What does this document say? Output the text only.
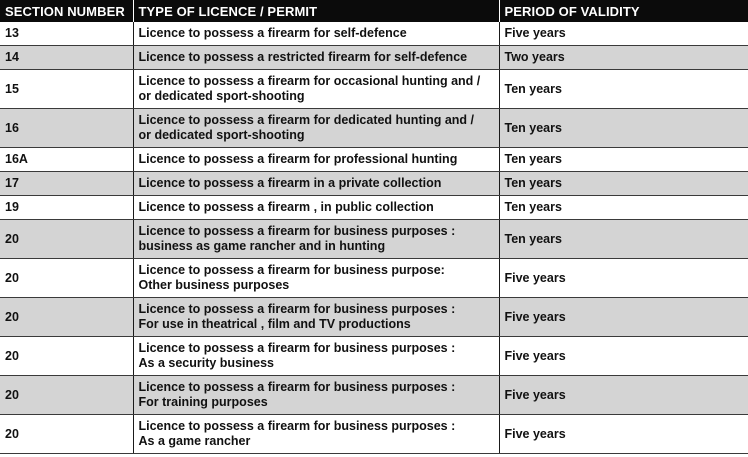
SECTION NUMBER	TYPE OF LICENCE / PERMIT	PERIOD OF VALIDITY
13	Licence to possess a firearm for self-defence	Five years
14	Licence to possess a restricted firearm for self-defence	Two years
15	Licence to possess a firearm for occasional hunting and /
or dedicated sport-shooting	Ten years
16	Licence to possess a firearm for dedicated hunting and /
or dedicated sport-shooting	Ten years
16A	Licence to possess a firearm for professional hunting	Ten years
17	Licence to possess a firearm in a private collection	Ten years
19	Licence to possess a firearm , in public collection	Ten years
20	Licence to possess a firearm for business purposes :
business as game rancher and in hunting	Ten years
20	Licence to possess a firearm for business purpose:
Other business purposes	Five years
20	Licence to possess a firearm for business purposes :
For use in theatrical , film and TV productions	Five years
20	Licence to possess a firearm for business purposes :
As a security business	Five years
20	Licence to possess a firearm for business purposes :
For training purposes	Five years
20	Licence to possess a firearm for business purposes :
As a game rancher	Five years
